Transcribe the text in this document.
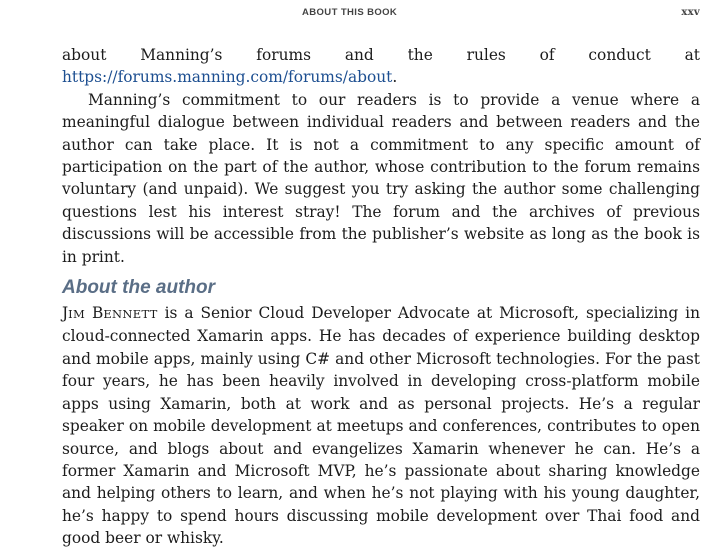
ABOUT THIS BOOK	xxv

about Manning’s forums and the rules of conduct at https://forums.manning.com/forums/about.

Manning’s commitment to our readers is to provide a venue where a meaningful dialogue between individual readers and between readers and the author can take place. It is not a commitment to any specific amount of participation on the part of the author, whose contribution to the forum remains voluntary (and unpaid). We suggest you try asking the author some challenging questions lest his interest stray! The forum and the archives of previous discussions will be accessible from the publisher’s website as long as the book is in print.

About the author

JIM BENNETT is a Senior Cloud Developer Advocate at Microsoft, specializing in cloud-connected Xamarin apps. He has decades of experience building desktop and mobile apps, mainly using C# and other Microsoft technologies. For the past four years, he has been heavily involved in developing cross-platform mobile apps using Xamarin, both at work and as personal projects. He’s a regular speaker on mobile development at meetups and conferences, contributes to open source, and blogs about and evangelizes Xamarin whenever he can. He’s a former Xamarin and Microsoft MVP, he’s passionate about sharing knowledge and helping others to learn, and when he’s not playing with his young daughter, he’s happy to spend hours discussing mobile development over Thai food and good beer or whisky.
